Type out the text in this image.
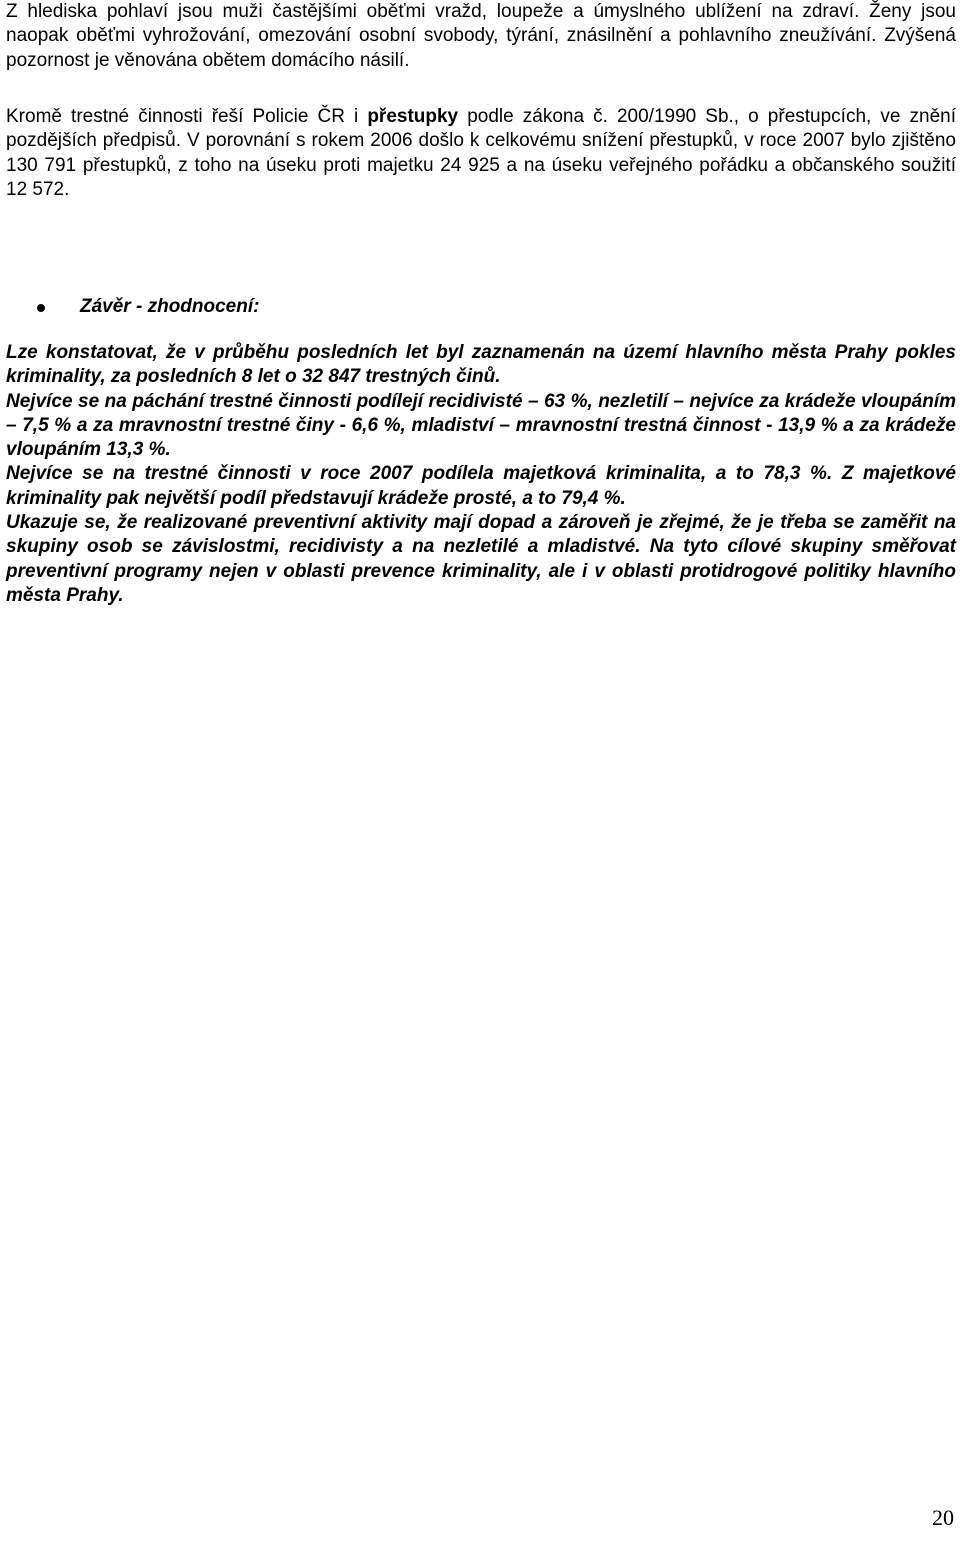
Z hlediska pohlaví jsou muži častějšími oběťmi vražd, loupeže a úmyslného ublížení na zdraví. Ženy jsou naopak oběťmi vyhrožování, omezování osobní svobody, týrání, znásilnění a pohlavního zneužívání. Zvýšená pozornost je věnována obětem domácího násilí.

Kromě trestné činnosti řeší Policie ČR i přestupky podle zákona č. 200/1990 Sb., o přestupcích, ve znění pozdějších předpisů. V porovnání s rokem 2006 došlo k celkovému snížení přestupků, v roce 2007 bylo zjištěno 130 791 přestupků, z toho na úseku proti majetku 24 925 a na úseku veřejného pořádku a občanského soužití 12 572.

Závěr - zhodnocení:

Lze konstatovat, že v průběhu posledních let byl zaznamenán na území hlavního města Prahy pokles kriminality, za posledních 8 let o 32 847 trestných činů.

Nejvíce se na páchání trestné činnosti podílejí recidivisté – 63 %, nezletilí – nejvíce za krádeže vloupáním – 7,5 % a za mravnostní trestné činy - 6,6 %, mladiství – mravnostní trestná činnost - 13,9 % a za krádeže vloupáním 13,3 %.

Nejvíce se na trestné činnosti v roce 2007 podílela majetková kriminalita, a to 78,3 %. Z majetkové kriminality pak největší podíl představují krádeže prosté, a to 79,4 %.

Ukazuje se, že realizované preventivní aktivity mají dopad a zároveň je zřejmé, že je třeba se zaměřit na skupiny osob se závislostmi, recidivisty a na nezletilé a mladistvé. Na tyto cílové skupiny směřovat preventivní programy nejen v oblasti prevence kriminality, ale i v oblasti protidrogové politiky hlavního města Prahy.

20
